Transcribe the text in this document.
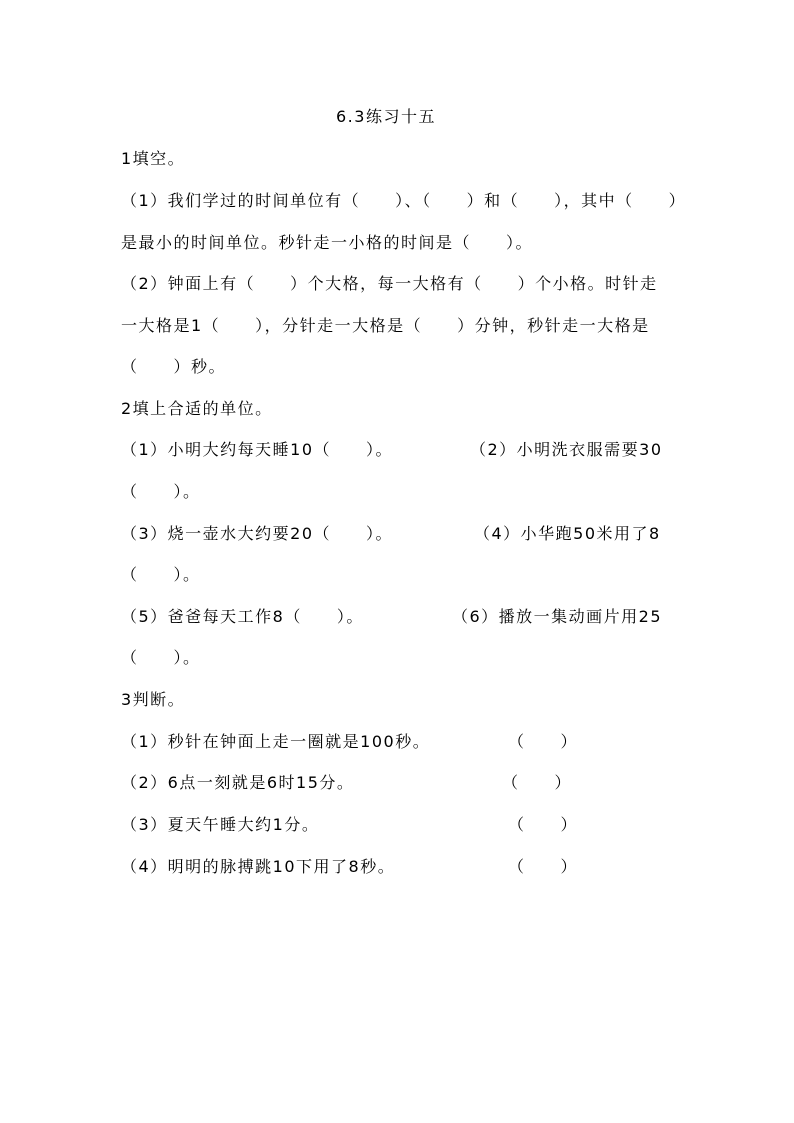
6.3练习十五
1填空。
（1）我们学过的时间单位有（　　）、（　　）和（　　），其中（　　）
是最小的时间单位。秒针走一小格的时间是（　　）。
（2）钟面上有（　　）个大格，每一大格有（　　）个小格。时针走
一大格是1（　　），分针走一大格是（　　）分钟，秒针走一大格是
（　　）秒。
2填上合适的单位。
（1）小明大约每天睡10（　　）。	（2）小明洗衣服需要30
（　　）。
（3）烧一壶水大约要20（　　）。	（4）小华跑50米用了8
（　　）。
（5）爸爸每天工作8（　　）。	（6）播放一集动画片用25
（　　）。
3判断。
（1）秒针在钟面上走一圈就是100秒。	（　　）
（2）6点一刻就是6时15分。	（　　）
（3）夏天午睡大约1分。	（　　）
（4）明明的脉搏跳10下用了8秒。	（　　）
